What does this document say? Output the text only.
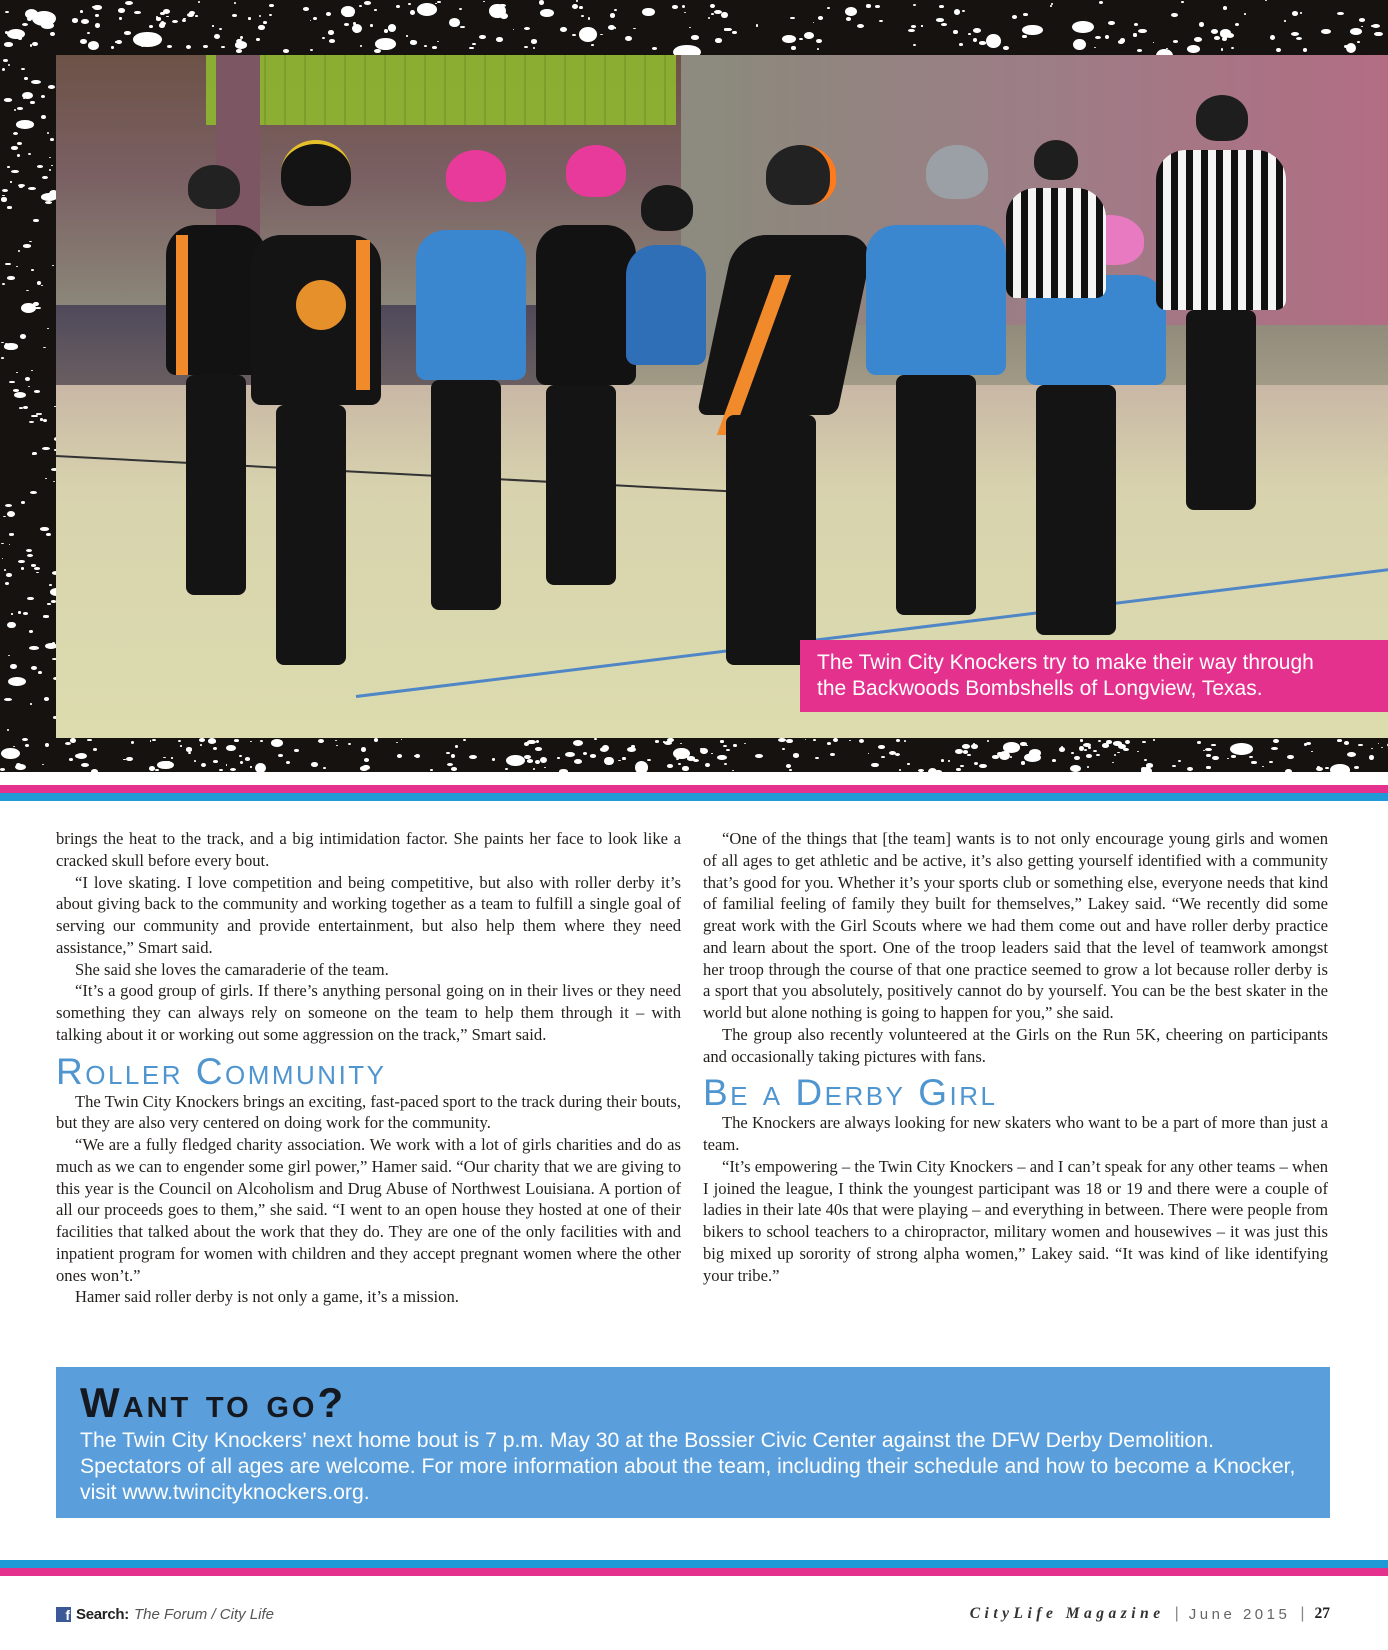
The Twin City Knockers try to make their way through
the Backwoods Bombshells of Longview, Texas.

brings the heat to the track, and a big intimidation factor. She paints her face to look like a cracked skull before every bout.

“I love skating. I love competition and being competitive, but also with roller derby it’s about giving back to the community and working together as a team to fulfill a single goal of serving our community and provide entertainment, but also help them where they need assistance,” Smart said.

She said she loves the camaraderie of the team.

“It’s a good group of girls. If there’s anything personal going on in their lives or they need something they can always rely on someone on the team to help them through it – with talking about it or working out some aggression on the track,” Smart said.

Roller Community

The Twin City Knockers brings an exciting, fast-paced sport to the track during their bouts, but they are also very centered on doing work for the community.

“We are a fully fledged charity association. We work with a lot of girls charities and do as much as we can to engender some girl power,” Hamer said. “Our charity that we are giving to this year is the Council on Alcoholism and Drug Abuse of Northwest Louisiana. A portion of all our proceeds goes to them,” she said. “I went to an open house they hosted at one of their facilities that talked about the work that they do. They are one of the only facilities with and inpatient program for women with children and they accept pregnant women where the other ones won’t.”

Hamer said roller derby is not only a game, it’s a mission.

“One of the things that [the team] wants is to not only encourage young girls and women of all ages to get athletic and be active, it’s also getting yourself identified with a community that’s good for you. Whether it’s your sports club or something else, everyone needs that kind of familial feeling of family they built for themselves,” Lakey said. “We recently did some great work with the Girl Scouts where we had them come out and have roller derby practice and learn about the sport. One of the troop leaders said that the level of teamwork amongst her troop through the course of that one practice seemed to grow a lot because roller derby is a sport that you absolutely, positively cannot do by yourself. You can be the best skater in the world but alone nothing is going to happen for you,” she said.

The group also recently volunteered at the Girls on the Run 5K, cheering on participants and occasionally taking pictures with fans.

Be a Derby Girl

The Knockers are always looking for new skaters who want to be a part of more than just a team.

“It’s empowering – the Twin City Knockers – and I can’t speak for any other teams – when I joined the league, I think the youngest participant was 18 or 19 and there were a couple of ladies in their late 40s that were playing – and everything in between. There were people from bikers to school teachers to a chiropractor, military women and housewives – it was just this big mixed up sorority of strong alpha women,” Lakey said. “It was kind of like identifying your tribe.”

Want to go?

The Twin City Knockers’ next home bout is 7 p.m. May 30 at the Bossier Civic Center against the DFW Derby Demolition. Spectators of all ages are welcome. For more information about the team, including their schedule and how to become a Knocker, visit www.twincityknockers.org.

f Search: The Forum / City Life	CityLife Magazine | June 2015 | 27
